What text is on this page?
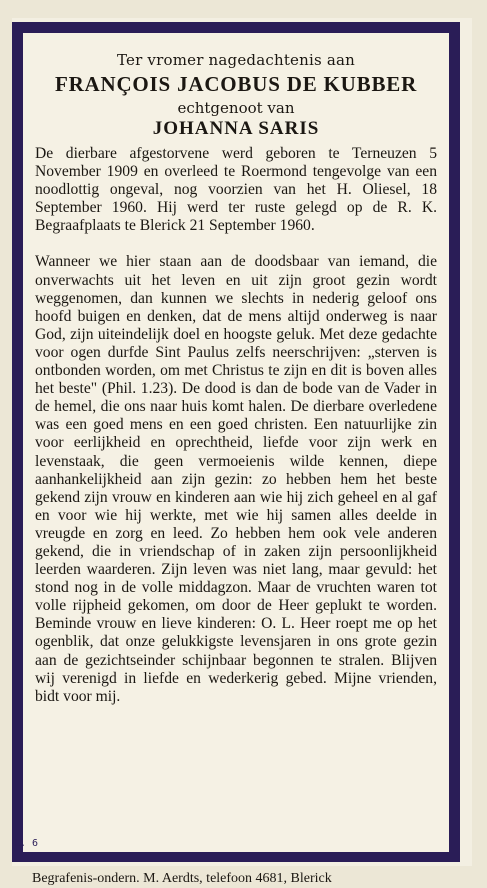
Ter vromer nagedachtenis aan
FRANÇOIS JACOBUS DE KUBBER
echtgenoot van
JOHANNA SARIS

De dierbare afgestorvene werd geboren te Terneuzen 5 November 1909 en overleed te Roermond tengevolge van een noodlottig ongeval, nog voorzien van het H. Oliesel, 18 September 1960. Hij werd ter ruste gelegd op de R. K. Begraafplaats te Blerick 21 September 1960.

Wanneer we hier staan aan de doodsbaar van iemand, die onverwachts uit het leven en uit zijn groot gezin wordt weggenomen, dan kunnen we slechts in nederig geloof ons hoofd buigen en denken, dat de mens altijd onderweg is naar God, zijn uiteindelijk doel en hoogste geluk. Met deze gedachte voor ogen durfde Sint Paulus zelfs neerschrijven: „sterven is ontbonden worden, om met Christus te zijn en dit is boven alles het beste" (Phil. 1.23). De dood is dan de bode van de Vader in de hemel, die ons naar huis komt halen. De dierbare overledene was een goed mens en een goed christen. Een natuurlijke zin voor eerlijkheid en oprechtheid, liefde voor zijn werk en levenstaak, die geen vermoeienis wilde kennen, diepe aanhankelijkheid aan zijn gezin: zo hebben hem het beste gekend zijn vrouw en kinderen aan wie hij zich geheel en al gaf en voor wie hij werkte, met wie hij samen alles deelde in vreugde en zorg en leed. Zo hebben hem ook vele anderen gekend, die in vriendschap of in zaken zijn persoonlijkheid leerden waarderen. Zijn leven was niet lang, maar gevuld: het stond nog in de volle middagzon. Maar de vruchten waren tot volle rijpheid gekomen, om door de Heer geplukt te worden. Beminde vrouw en lieve kinderen: O. L. Heer roept me op het ogenblik, dat onze gelukkigste levensjaren in ons grote gezin aan de gezichtseinder schijnbaar begonnen te stralen. Blijven wij verenigd in liefde en wederkerig gebed. Mijne vrienden, bidt voor mij.

L. 6
Begrafenis-ondern. M. Aerdts, telefoon 4681, Blerick
